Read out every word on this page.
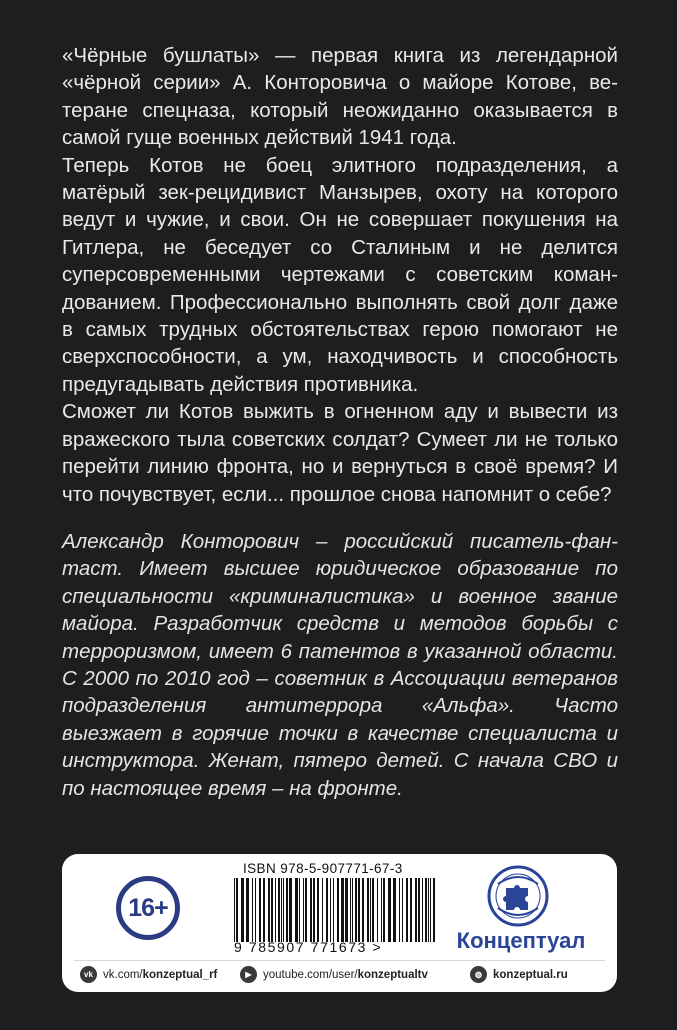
«Чёрные бушлаты» — первая книга из легендарной «чёрной серии» А. Конторовича о майоре Котове, ветеране спецназа, который неожиданно оказывается в самой гуще военных действий 1941 года.

Теперь Котов не боец элитного подразделения, а матёрый зек-рецидивист Манзырев, охоту на которого ведут и чужие, и свои. Он не совершает покушения на Гитлера, не беседует со Сталиным и не делится суперсовременными чертежами с советским командованием. Профессионально выполнять свой долг даже в самых трудных обстоятельствах герою помогают не сверхспособности, а ум, находчивость и способность предугадывать действия противника.

Сможет ли Котов выжить в огненном аду и вывести из вражеского тыла советских солдат? Сумеет ли не только перейти линию фронта, но и вернуться в своё время? И что почувствует, если... прошлое снова напомнит о себе?

Александр Конторович – российский писатель-фантаст. Имеет высшее юридическое образование по специальности «криминалистика» и военное звание майора. Разработчик средств и методов борьбы с терроризмом, имеет 6 патентов в указанной области. С 2000 по 2010 год – советник в Ассоциации ветеранов подразделения антитеррора «Альфа». Часто выезжает в горячие точки в качестве специалиста и инструктора. Женат, пятеро детей. С начала СВО и по настоящее время – на фронте.

16+
ISBN 978-5-907771-67-3
9 785907 771673 >	Концептуал
vk vk.com/konzeptual_rf	▶ youtube.com/user/konzeptualtv	◍ konzeptual.ru
